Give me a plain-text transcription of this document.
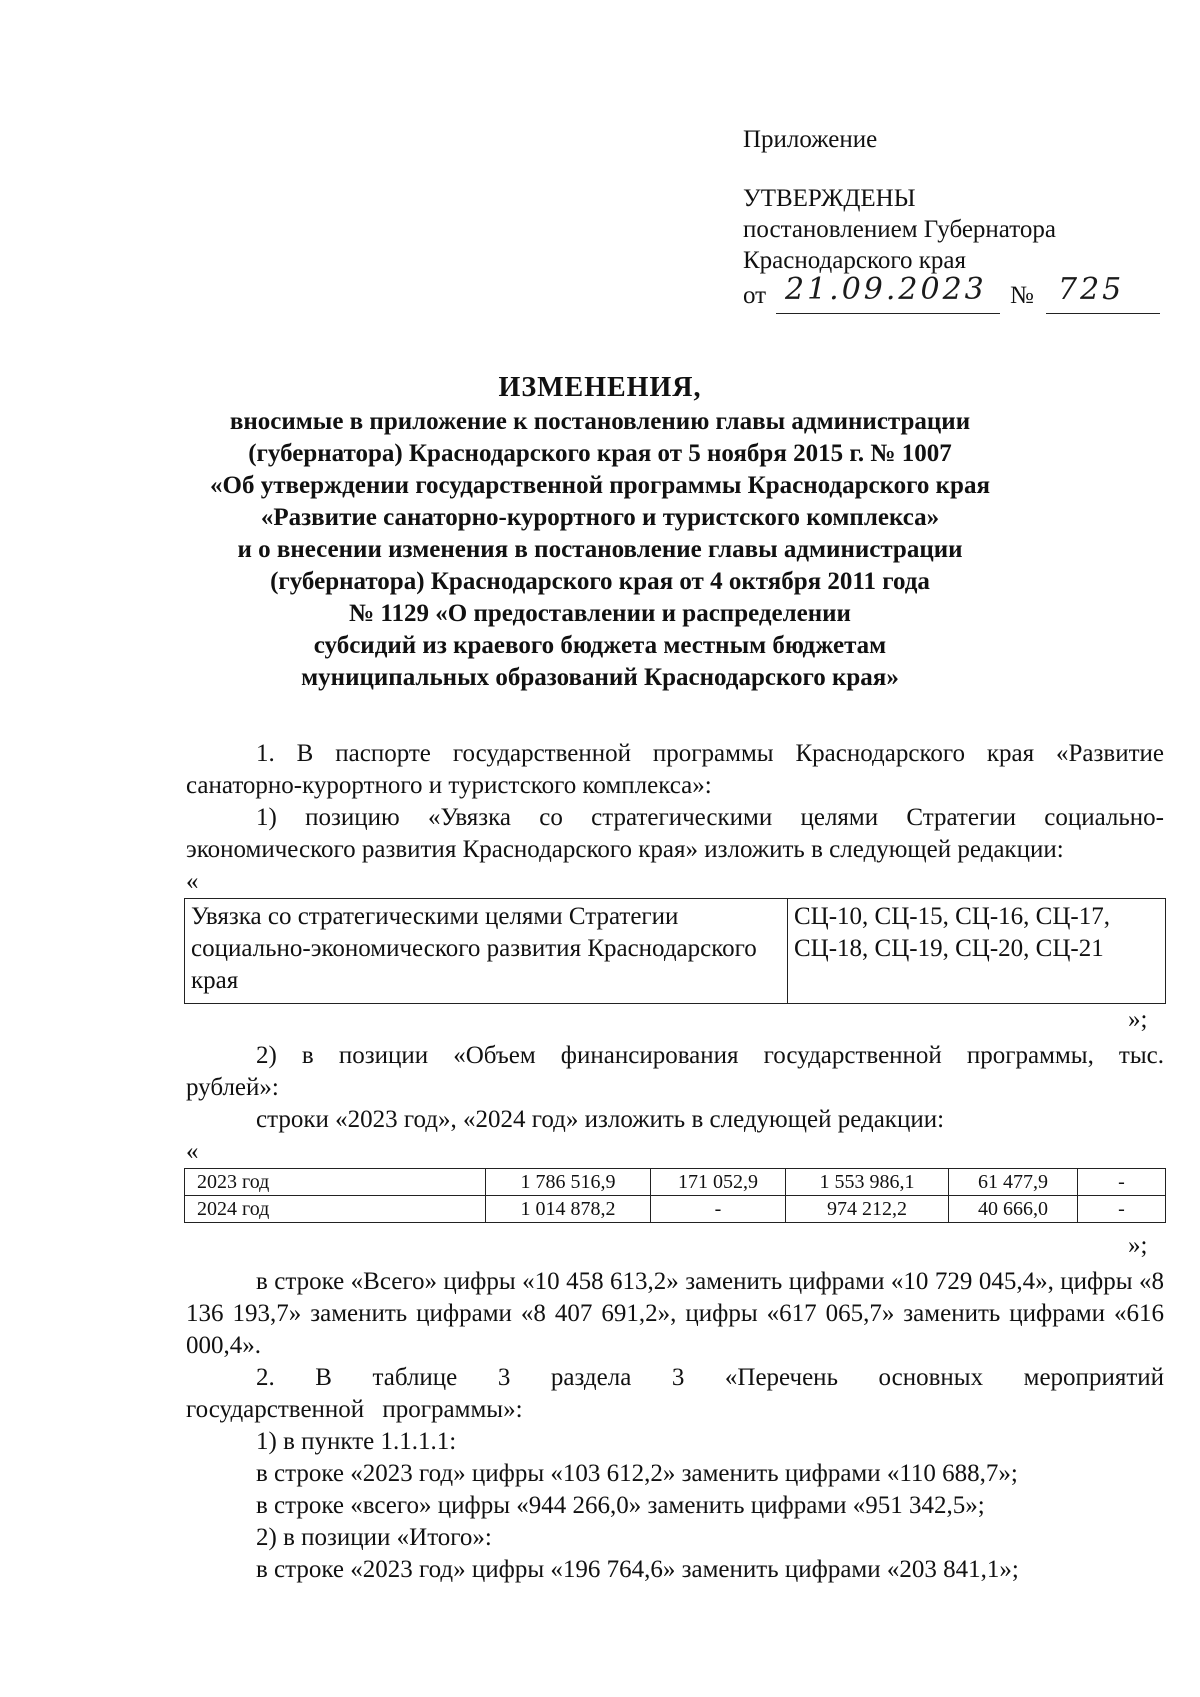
Приложение
УТВЕРЖДЕНЫ
постановлением Губернатора
Краснодарского края
от 21.09.2023 № 725
ИЗМЕНЕНИЯ,
вносимые в приложение к постановлению главы администрации
(губернатора) Краснодарского края от 5 ноября 2015 г. № 1007
«Об утверждении государственной программы Краснодарского края
«Развитие санаторно-курортного и туристского комплекса»
и о внесении изменения в постановление главы администрации
(губернатора) Краснодарского края от 4 октября 2011 года
№ 1129 «О предоставлении и распределении
субсидий из краевого бюджета местным бюджетам
муниципальных образований Краснодарского края»

1. В паспорте государственной программы Краснодарского края «Развитие санаторно-курортного и туристского комплекса»:

1) позицию «Увязка со стратегическими целями Стратегии социально-экономического развития Краснодарского края» изложить в следующей редакции:

«
Увязка со стратегическими целями Стратегии социально-экономического развития Краснодарского края	СЦ-10, СЦ-15, СЦ-16, СЦ-17, СЦ-18, СЦ-19, СЦ-20, СЦ-21
»;

2) в позиции «Объем финансирования государственной программы, тыс. рублей»:

строки «2023 год», «2024 год» изложить в следующей редакции:

«
2023 год	1 786 516,9	171 052,9	1 553 986,1	61 477,9	-
2024 год	1 014 878,2	-	974 212,2	40 666,0	-
»;

в строке «Всего» цифры «10 458 613,2» заменить цифрами «10 729 045,4», цифры «8 136 193,7» заменить цифрами «8 407 691,2», цифры «617 065,7» заменить цифрами «616 000,4».

2. В таблице 3 раздела 3 «Перечень основных мероприятий государственной программы»:

1) в пункте 1.1.1.1:

в строке «2023 год» цифры «103 612,2» заменить цифрами «110 688,7»;

в строке «всего» цифры «944 266,0» заменить цифрами «951 342,5»;

2) в позиции «Итого»:

в строке «2023 год» цифры «196 764,6» заменить цифрами «203 841,1»;
